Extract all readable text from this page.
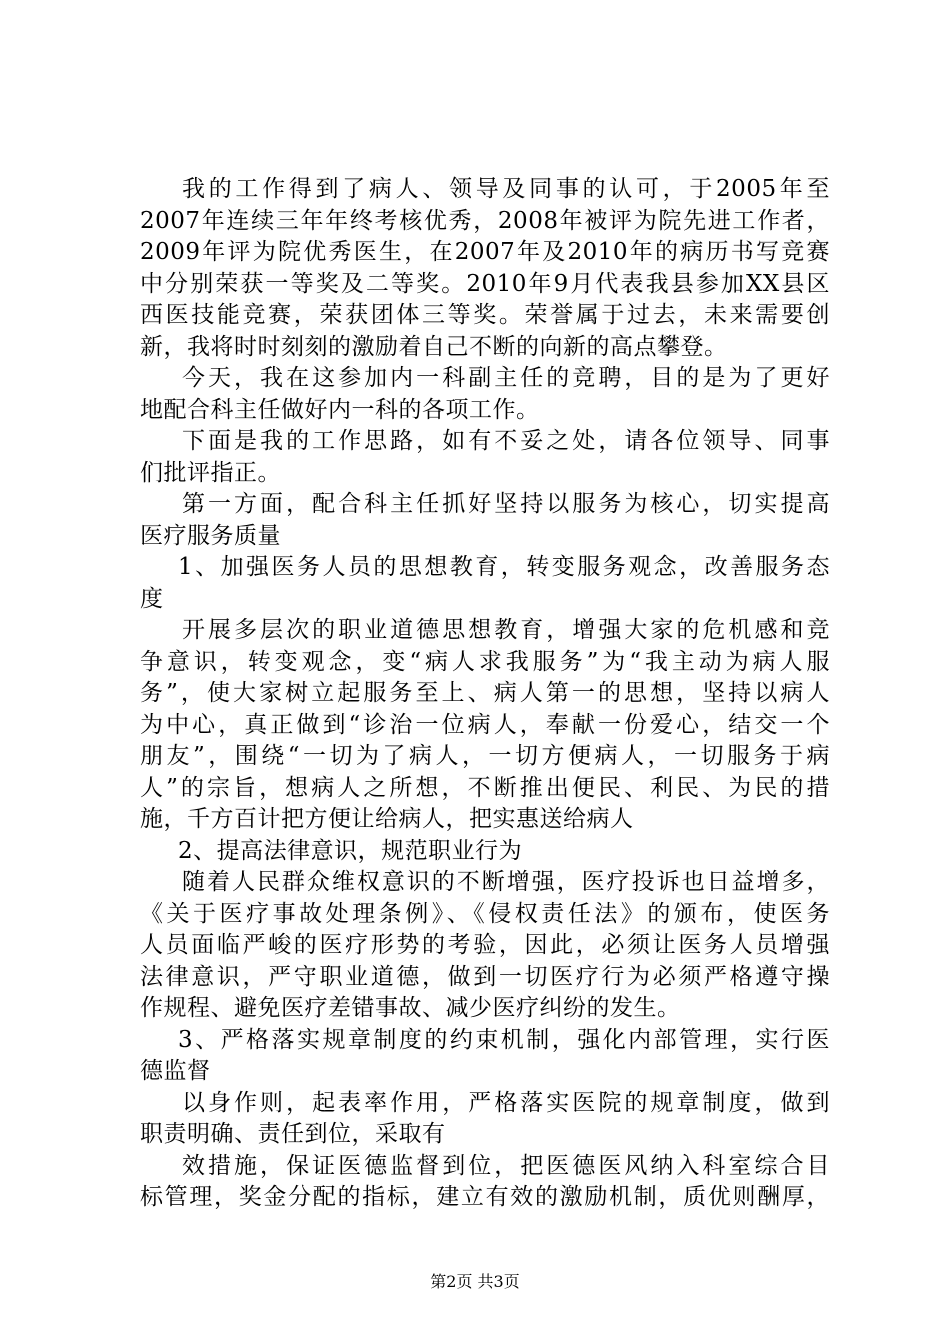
我的工作得到了病人、领导及同事的认可，于2005年至
2007年连续三年年终考核优秀，2008年被评为院先进工作者，
2009年评为院优秀医生，在2007年及2010年的病历书写竞赛
中分别荣获一等奖及二等奖。2010年9月代表我县参加XX县区
西医技能竞赛，荣获团体三等奖。荣誉属于过去，未来需要创
新，我将时时刻刻的激励着自己不断的向新的高点攀登。
今天，我在这参加内一科副主任的竞聘，目的是为了更好
地配合科主任做好内一科的各项工作。
下面是我的工作思路，如有不妥之处，请各位领导、同事
们批评指正。
第一方面，配合科主任抓好坚持以服务为核心，切实提高
医疗服务质量
1、加强医务人员的思想教育，转变服务观念，改善服务态
度
开展多层次的职业道德思想教育，增强大家的危机感和竞
争意识，转变观念，变“病人求我服务”为“我主动为病人服
务”，使大家树立起服务至上、病人第一的思想，坚持以病人
为中心，真正做到“诊治一位病人，奉献一份爱心，结交一个
朋友”，围绕“一切为了病人，一切方便病人，一切服务于病
人”的宗旨，想病人之所想，不断推出便民、利民、为民的措
施，千方百计把方便让给病人，把实惠送给病人
2、提高法律意识，规范职业行为
随着人民群众维权意识的不断增强，医疗投诉也日益增多，
《关于医疗事故处理条例》、《侵权责任法》的颁布，使医务
人员面临严峻的医疗形势的考验，因此，必须让医务人员增强
法律意识，严守职业道德，做到一切医疗行为必须严格遵守操
作规程、避免医疗差错事故、减少医疗纠纷的发生。
3、严格落实规章制度的约束机制，强化内部管理，实行医
德监督
以身作则，起表率作用，严格落实医院的规章制度，做到
职责明确、责任到位，采取有
效措施，保证医德监督到位，把医德医风纳入科室综合目
标管理，奖金分配的指标，建立有效的激励机制，质优则酬厚，
第2页 共3页
